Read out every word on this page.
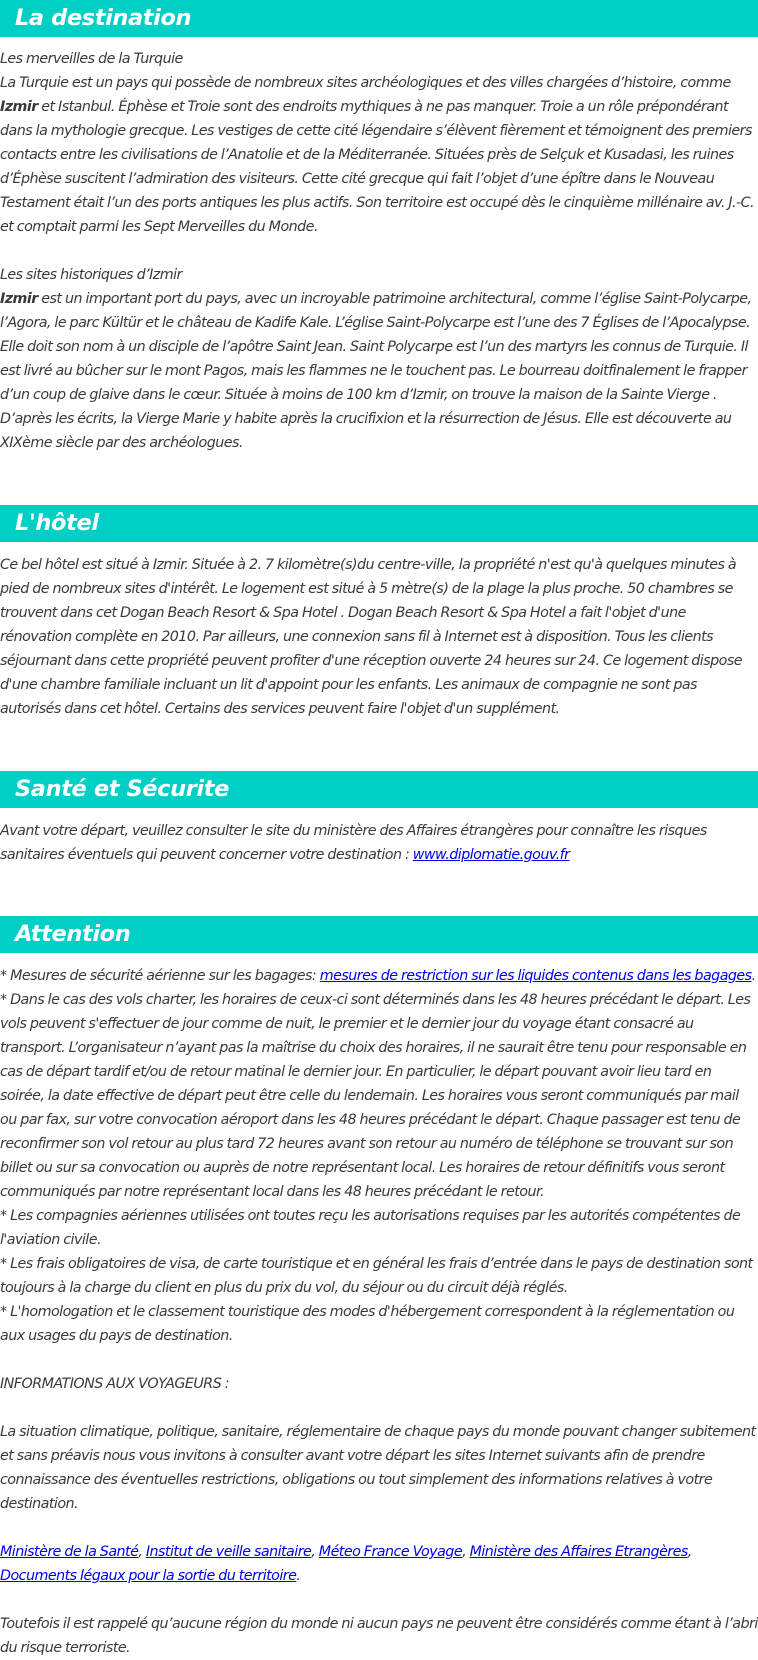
La destination

Les merveilles de la Turquie

La Turquie est un pays qui possède de nombreux sites archéologiques et des villes chargées d’histoire, comme Izmir et Istanbul. Éphèse et Troie sont des endroits mythiques à ne pas manquer. Troie a un rôle prépondérant dans la mythologie grecque. Les vestiges de cette cité légendaire s’élèvent fièrement et témoignent des premiers contacts entre les civilisations de l’Anatolie et de la Méditerranée. Situées près de Selçuk et Kusadasi, les ruines d’Éphèse suscitent l’admiration des visiteurs. Cette cité grecque qui fait l’objet d’une épître dans le Nouveau Testament était l’un des ports antiques les plus actifs. Son territoire est occupé dès le cinquième millénaire av. J.-C. et comptait parmi les Sept Merveilles du Monde.

Les sites historiques d’Izmir

Izmir est un important port du pays, avec un incroyable patrimoine architectural, comme l’église Saint-Polycarpe, l’Agora, le parc Kültür et le château de Kadife Kale. L’église Saint-Polycarpe est l’une des 7 Églises de l’Apocalypse. Elle doit son nom à un disciple de l’apôtre Saint Jean. Saint Polycarpe est l’un des martyrs les connus de Turquie. Il est livré au bûcher sur le mont Pagos, mais les flammes ne le touchent pas. Le bourreau doitfinalement le frapper d’un coup de glaive dans le cœur. Située à moins de 100 km d’Izmir, on trouve la maison de la Sainte Vierge . D’après les écrits, la Vierge Marie y habite après la crucifixion et la résurrection de Jésus. Elle est découverte au XIXème siècle par des archéologues.

L'hôtel

Ce bel hôtel est situé à Izmir. Située à 2. 7 kilomètre(s)du centre-ville, la propriété n'est qu'à quelques minutes à pied de nombreux sites d'intérêt. Le logement est situé à 5 mètre(s) de la plage la plus proche. 50 chambres se trouvent dans cet Dogan Beach Resort & Spa Hotel . Dogan Beach Resort & Spa Hotel a fait l'objet d'une rénovation complète en 2010. Par ailleurs, une connexion sans fil à Internet est à disposition. Tous les clients séjournant dans cette propriété peuvent profiter d'une réception ouverte 24 heures sur 24. Ce logement dispose d'une chambre familiale incluant un lit d'appoint pour les enfants. Les animaux de compagnie ne sont pas autorisés dans cet hôtel. Certains des services peuvent faire l'objet d'un supplément.

Santé et Sécurite

Avant votre départ, veuillez consulter le site du ministère des Affaires étrangères pour connaître les risques sanitaires éventuels qui peuvent concerner votre destination : www.diplomatie.gouv.fr

Attention

* Mesures de sécurité aérienne sur les bagages: mesures de restriction sur les liquides contenus dans les bagages.

* Dans le cas des vols charter, les horaires de ceux-ci sont déterminés dans les 48 heures précédant le départ. Les vols peuvent s'effectuer de jour comme de nuit, le premier et le dernier jour du voyage étant consacré au transport. L’organisateur n’ayant pas la maîtrise du choix des horaires, il ne saurait être tenu pour responsable en cas de départ tardif et/ou de retour matinal le dernier jour. En particulier, le départ pouvant avoir lieu tard en soirée, la date effective de départ peut être celle du lendemain. Les horaires vous seront communiqués par mail ou par fax, sur votre convocation aéroport dans les 48 heures précédant le départ. Chaque passager est tenu de reconfirmer son vol retour au plus tard 72 heures avant son retour au numéro de téléphone se trouvant sur son billet ou sur sa convocation ou auprès de notre représentant local. Les horaires de retour définitifs vous seront communiqués par notre représentant local dans les 48 heures précédant le retour.

* Les compagnies aériennes utilisées ont toutes reçu les autorisations requises par les autorités compétentes de l'aviation civile.

* Les frais obligatoires de visa, de carte touristique et en général les frais d’entrée dans le pays de destination sont toujours à la charge du client en plus du prix du vol, du séjour ou du circuit déjà réglés.

* L'homologation et le classement touristique des modes d'hébergement correspondent à la réglementation ou aux usages du pays de destination.

INFORMATIONS AUX VOYAGEURS :

La situation climatique, politique, sanitaire, réglementaire de chaque pays du monde pouvant changer subitement et sans préavis nous vous invitons à consulter avant votre départ les sites Internet suivants afin de prendre connaissance des éventuelles restrictions, obligations ou tout simplement des informations relatives à votre destination.

Ministère de la Santé, Institut de veille sanitaire, Méteo France Voyage, Ministère des Affaires Etrangères, Documents légaux pour la sortie du territoire.

Toutefois il est rappelé qu’aucune région du monde ni aucun pays ne peuvent être considérés comme étant à l’abri du risque terroriste.
